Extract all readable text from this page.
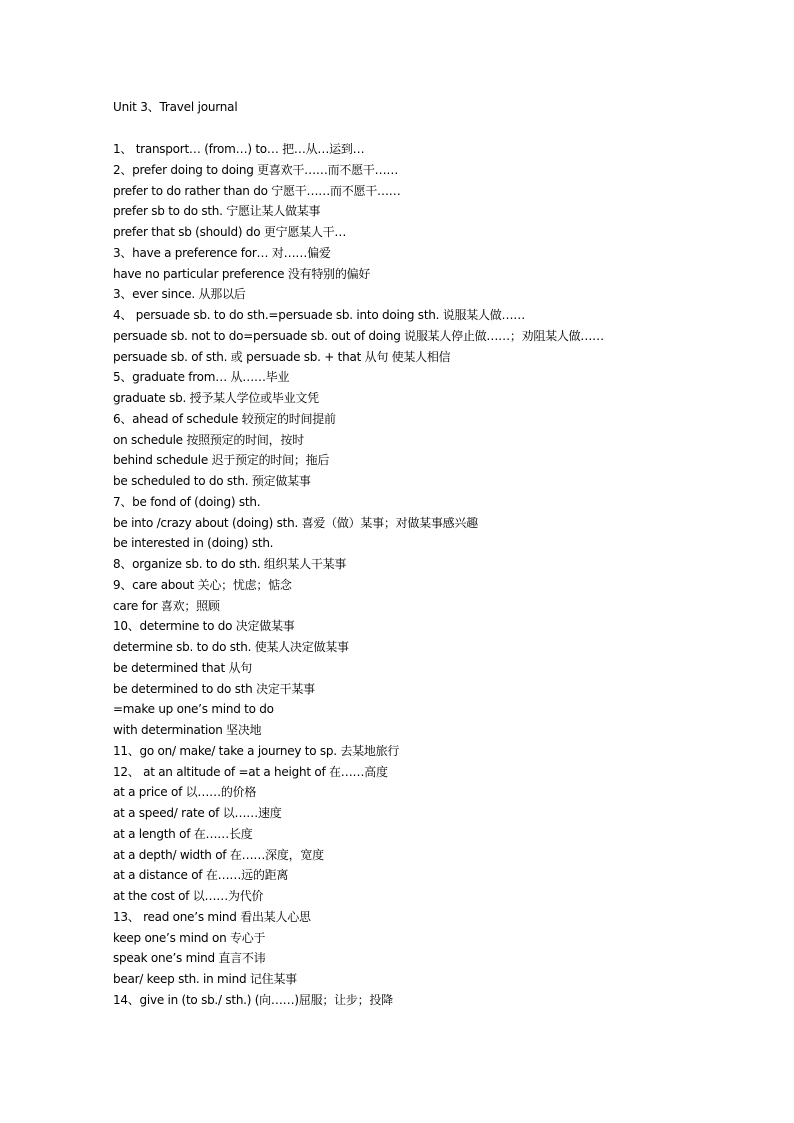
Unit 3、Travel journal
1、 transport… (from…) to… 把…从…运到…
2、prefer doing to doing 更喜欢干……而不愿干……
prefer to do rather than do 宁愿干……而不愿干……
prefer sb to do sth. 宁愿让某人做某事
prefer that sb (should) do 更宁愿某人干…
3、have a preference for… 对……偏爱
have no particular preference 没有特别的偏好
3、ever since. 从那以后
4、 persuade sb. to do sth.=persuade sb. into doing sth. 说服某人做……
persuade sb. not to do=persuade sb. out of doing 说服某人停止做……；劝阻某人做……
persuade sb. of sth. 或 persuade sb. + that 从句 使某人相信
5、graduate from… 从……毕业
graduate sb. 授予某人学位或毕业文凭
6、ahead of schedule 较预定的时间提前
on schedule 按照预定的时间，按时
behind schedule 迟于预定的时间；拖后
be scheduled to do sth. 预定做某事
7、be fond of (doing) sth.
be into /crazy about (doing) sth. 喜爱（做）某事；对做某事感兴趣
be interested in (doing) sth.
8、organize sb. to do sth. 组织某人干某事
9、care about 关心；忧虑；惦念
care for 喜欢；照顾
10、determine to do 决定做某事
determine sb. to do sth. 使某人决定做某事
be determined that 从句
be determined to do sth 决定干某事
=make up one’s mind to do
with determination 坚决地
11、go on/ make/ take a journey to sp. 去某地旅行
12、 at an altitude of =at a height of 在……高度
at a price of 以……的价格
at a speed/ rate of 以……速度
at a length of 在……长度
at a depth/ width of 在……深度，宽度
at a distance of 在……远的距离
at the cost of 以……为代价
13、 read one’s mind 看出某人心思
keep one’s mind on 专心于
speak one’s mind 直言不讳
bear/ keep sth. in mind 记住某事
14、give in (to sb./ sth.) (向……)屈服；让步；投降
